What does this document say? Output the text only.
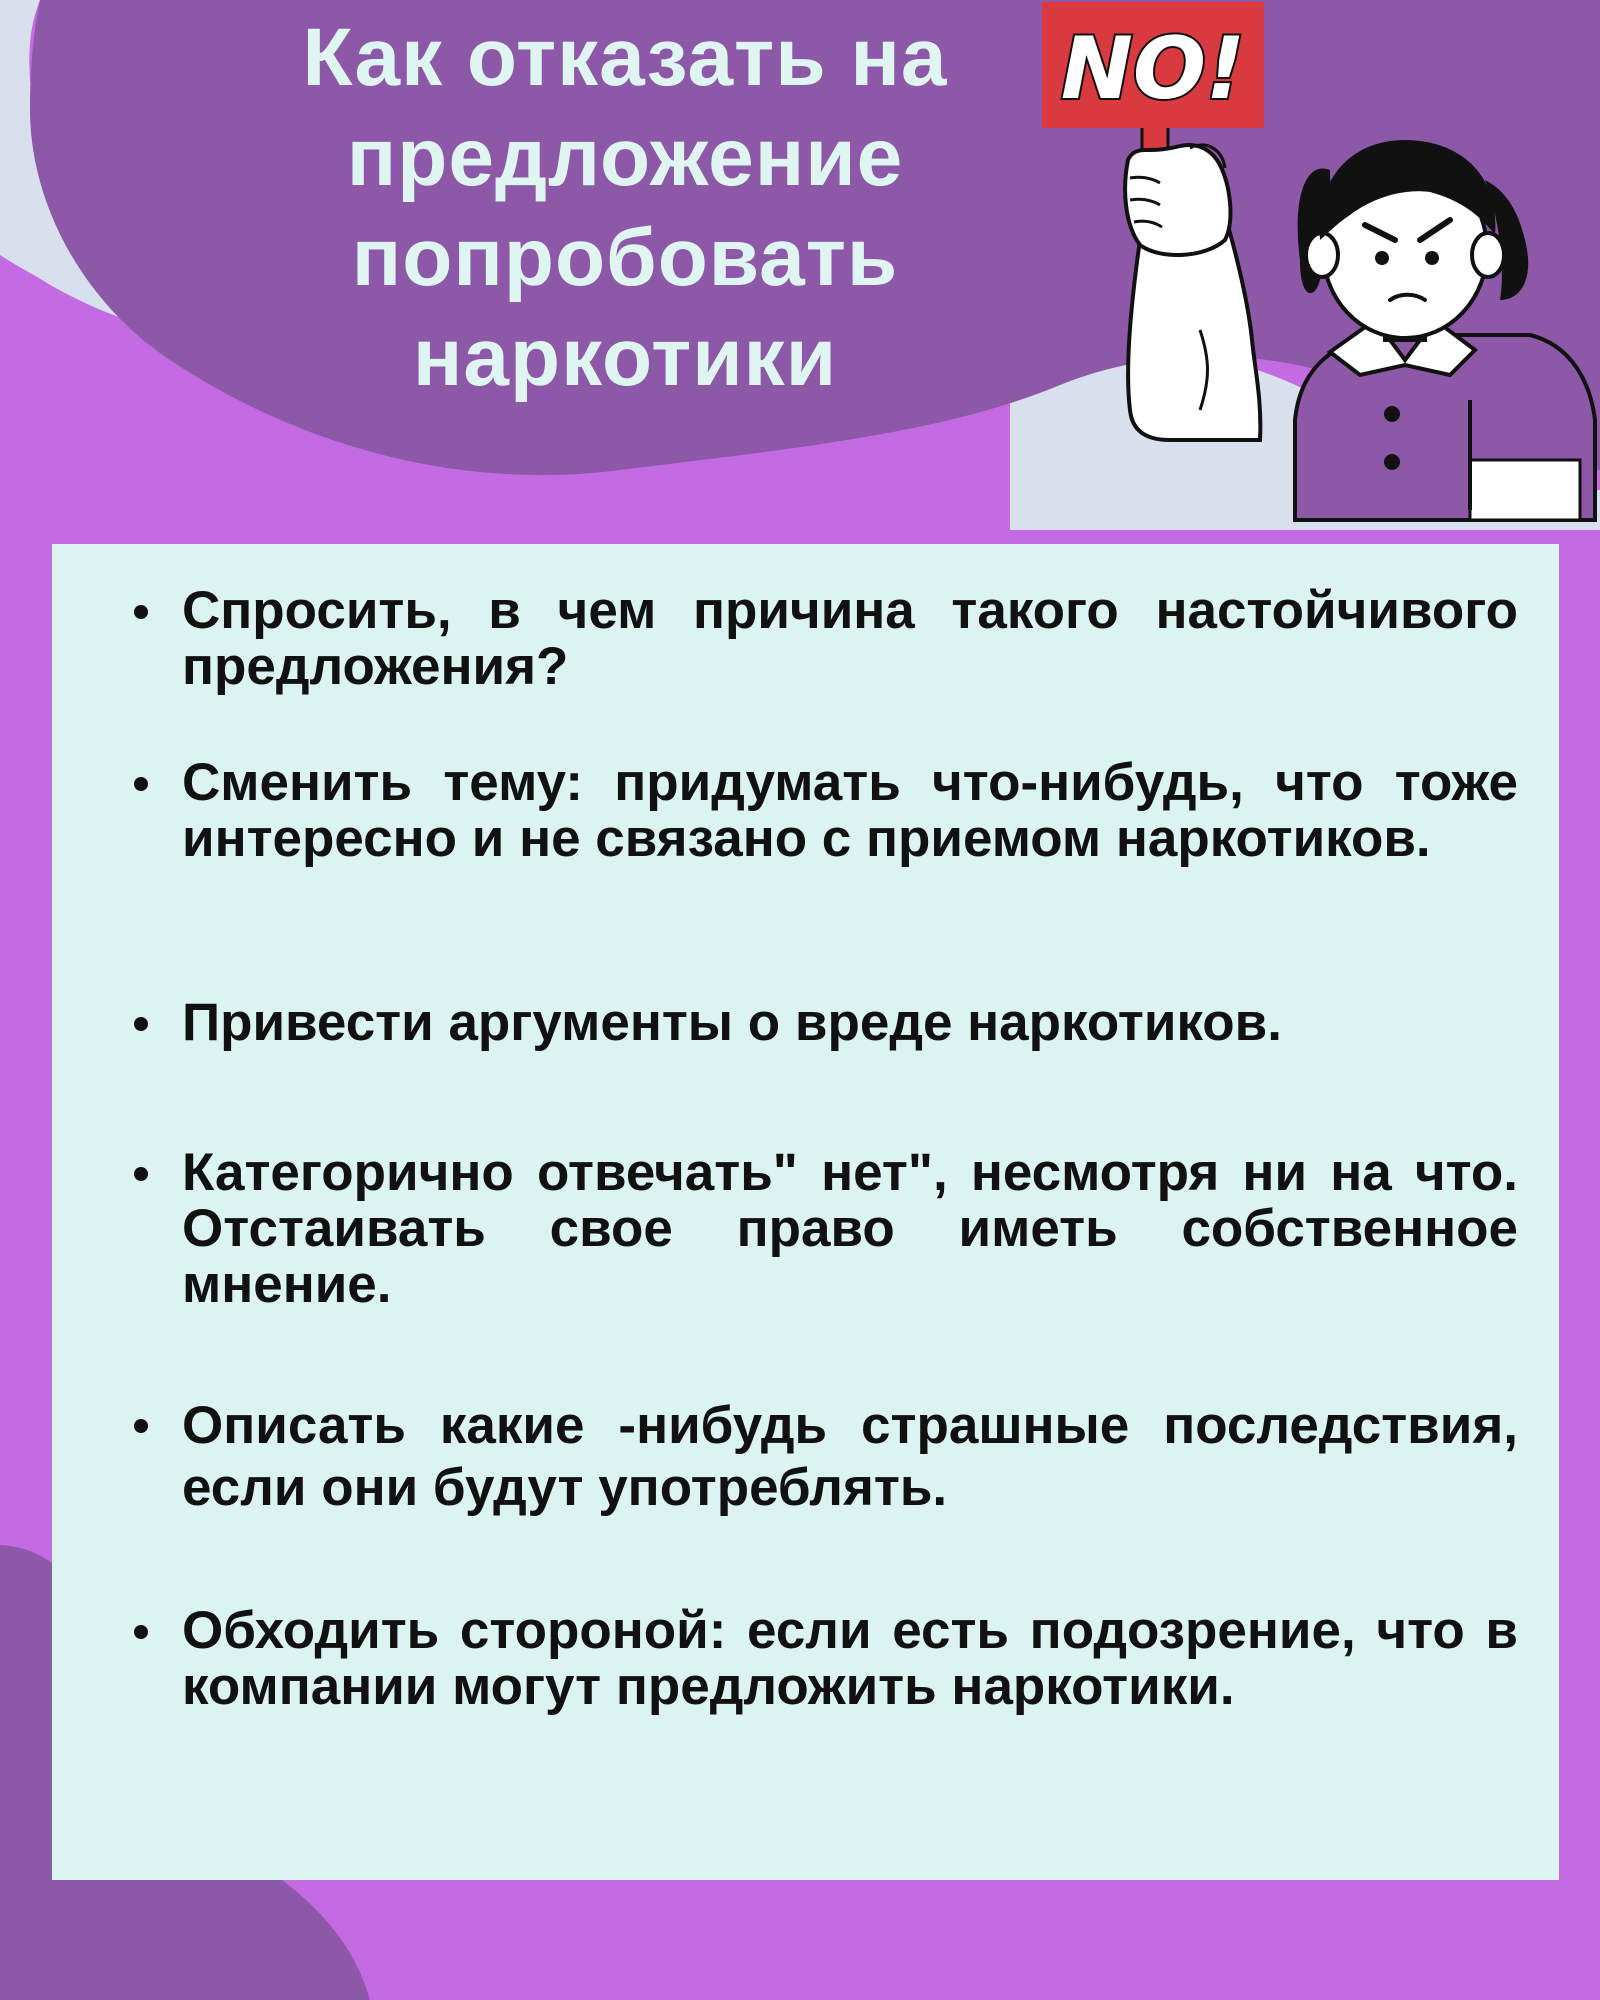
Как отказать на
предложение
попробовать
наркотики
NO!
Спросить, в чем причина такого настойчивого предложения?
Сменить тему: придумать что-нибудь, что тоже интересно и не связано с приемом наркотиков.
Привести аргументы о вреде наркотиков.
Категорично отвечать" нет", несмотря ни на что. Отстаивать свое право иметь собственное мнение.
Описать какие -нибудь страшные последствия, если они будут употреблять.
Обходить стороной: если есть подозрение, что в компании могут предложить наркотики.
